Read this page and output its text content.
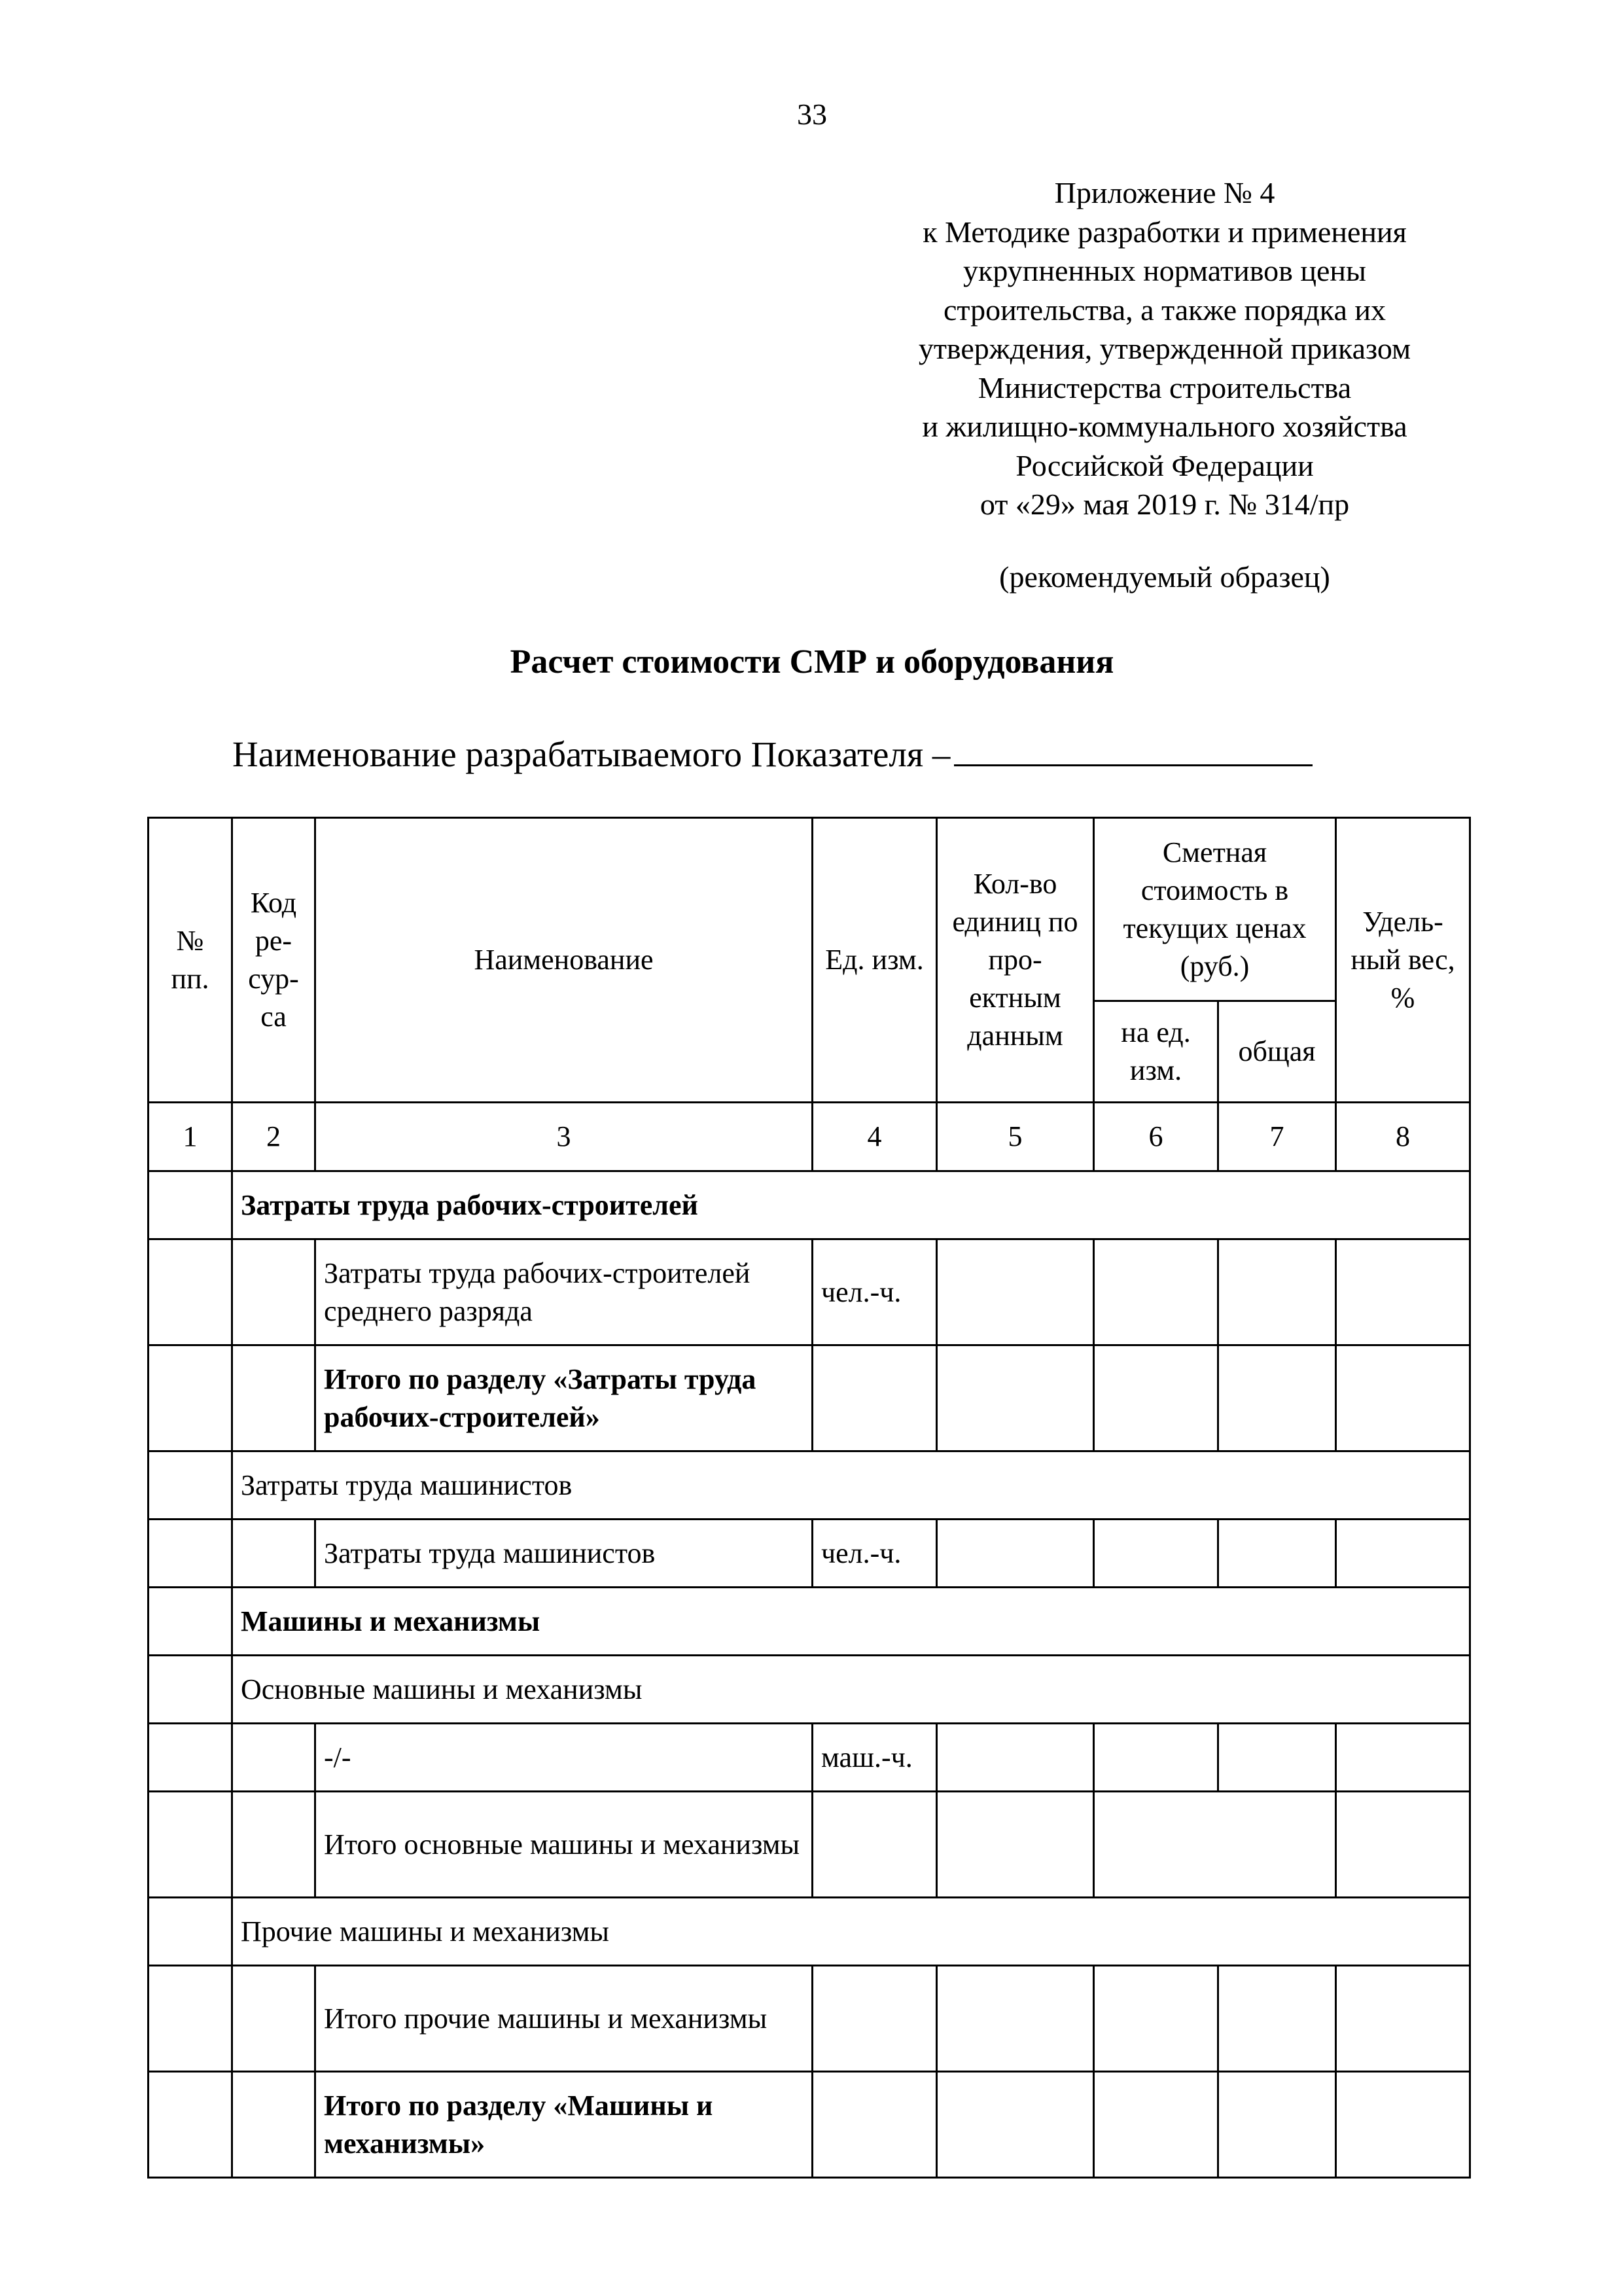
33
Приложение № 4
к Методике разработки и применения
укрупненных нормативов цены
строительства, а также порядка их
утверждения, утвержденной приказом
Министерства строительства
и жилищно-коммунального хозяйства
Российской Федерации
от «29» мая 2019 г. № 314/пр
(рекомендуемый образец)
Расчет стоимости СМР и оборудования
Наименование разрабатываемого Показателя –
№ пп.	Код ре-сур-са	Наименование	Ед. изм.	Кол-во единиц по про-ектным данным	Сметная стоимость в текущих ценах (руб.)		Удель-ный вес, %
					на ед. изм.	общая	
1	2	3	4	5	6	7	8
	Затраты труда рабочих-строителей						
		Затраты труда рабочих-строителей среднего разряда	чел.-ч.				
		Итого по разделу «Затраты труда рабочих-строителей»					
	Затраты труда машинистов						
		Затраты труда машинистов	чел.-ч.				
	Машины и механизмы						
	Основные машины и механизмы						
		-/-	маш.-ч.				
		Итого основные машины и механизмы					
	Прочие машины и механизмы						
		Итого прочие машины и механизмы					
		Итого по разделу «Машины и механизмы»					
